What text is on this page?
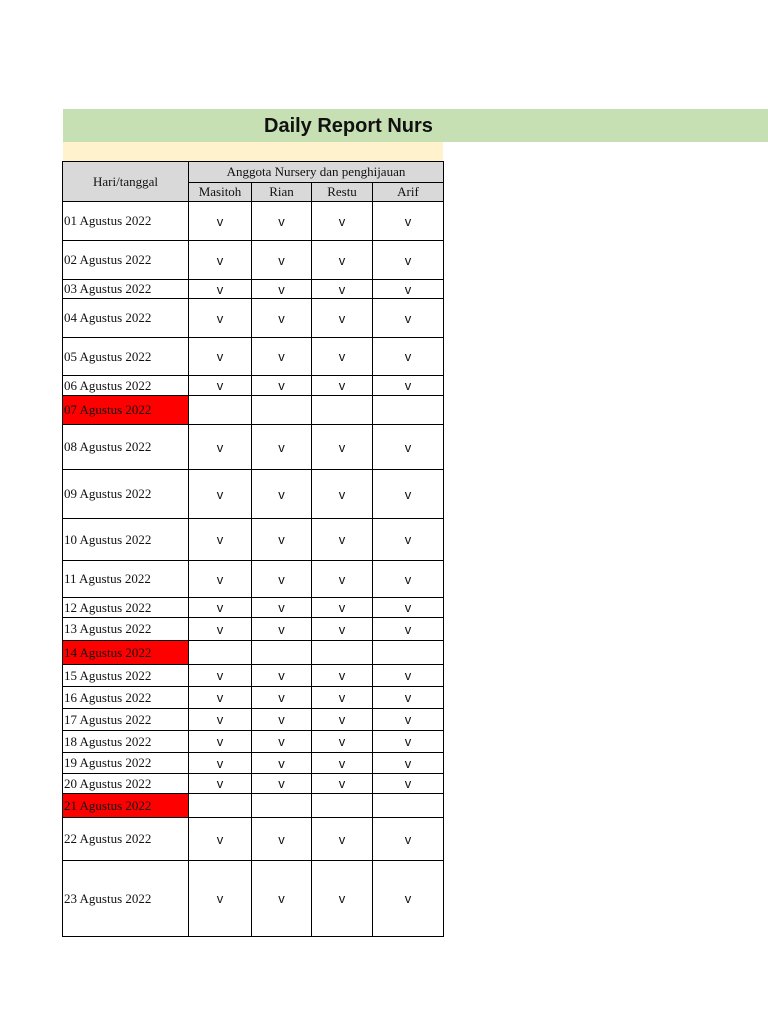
Daily Report Nurs
Hari/tanggal	Anggota Nursery dan penghijauan			
	Masitoh	Rian	Restu	Arif
01 Agustus 2022	v	v	v	v
02 Agustus 2022	v	v	v	v
03 Agustus 2022	v	v	v	v
04 Agustus 2022	v	v	v	v
05 Agustus 2022	v	v	v	v
06 Agustus 2022	v	v	v	v
07 Agustus 2022				
08 Agustus 2022	v	v	v	v
09 Agustus 2022	v	v	v	v
10 Agustus 2022	v	v	v	v
11 Agustus 2022	v	v	v	v
12 Agustus 2022	v	v	v	v
13 Agustus 2022	v	v	v	v
14 Agustus 2022				
15 Agustus 2022	v	v	v	v
16 Agustus 2022	v	v	v	v
17 Agustus 2022	v	v	v	v
18 Agustus 2022	v	v	v	v
19 Agustus 2022	v	v	v	v
20 Agustus 2022	v	v	v	v
21 Agustus 2022				
22 Agustus 2022	v	v	v	v
23 Agustus 2022	v	v	v	v
